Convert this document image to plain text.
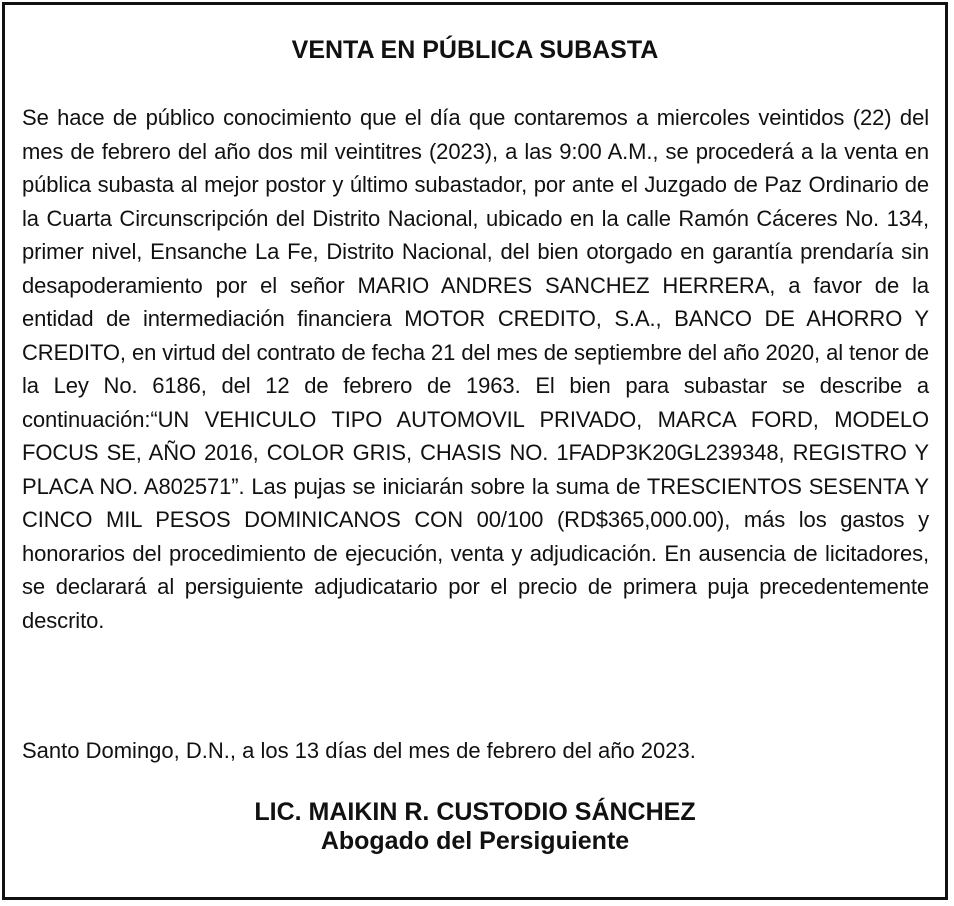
VENTA EN PÚBLICA SUBASTA

Se hace de público conocimiento que el día que contaremos a miercoles veintidos (22) del mes de febrero del año dos mil veintitres (2023), a las 9:00 A.M., se procederá a la venta en pública subasta al mejor postor y último subastador, por ante el Juzgado de Paz Ordinario de la Cuarta Circunscripción del Distrito Nacional, ubicado en la calle Ramón Cáceres No. 134, primer nivel, Ensanche La Fe, Distrito Nacional, del bien otorgado en garantía prendaría sin desapoderamiento por el señor MARIO ANDRES SANCHEZ HERRERA, a favor de la entidad de intermediación financiera MOTOR CREDITO, S.A., BANCO DE AHORRO Y CREDITO, en virtud del contrato de fecha 21 del mes de septiembre del año 2020, al tenor de la Ley No. 6186, del 12 de febrero de 1963. El bien para subastar se describe a continuación:“UN VEHICULO TIPO AUTOMOVIL PRIVADO, MARCA FORD, MODELO FOCUS SE, AÑO 2016, COLOR GRIS, CHASIS NO. 1FADP3K20GL239348, REGISTRO Y PLACA NO. A802571”. Las pujas se iniciarán sobre la suma de TRESCIENTOS SESENTA Y CINCO MIL PESOS DOMINICANOS CON 00/100 (RD$365,000.00), más los gastos y honorarios del procedimiento de ejecución, venta y adjudicación. En ausencia de licitadores, se declarará al persiguiente adjudicatario por el precio de primera puja precedentemente descrito.

Santo Domingo, D.N., a los 13 días del mes de febrero del año 2023.

LIC. MAIKIN R. CUSTODIO SÁNCHEZ
Abogado del Persiguiente
